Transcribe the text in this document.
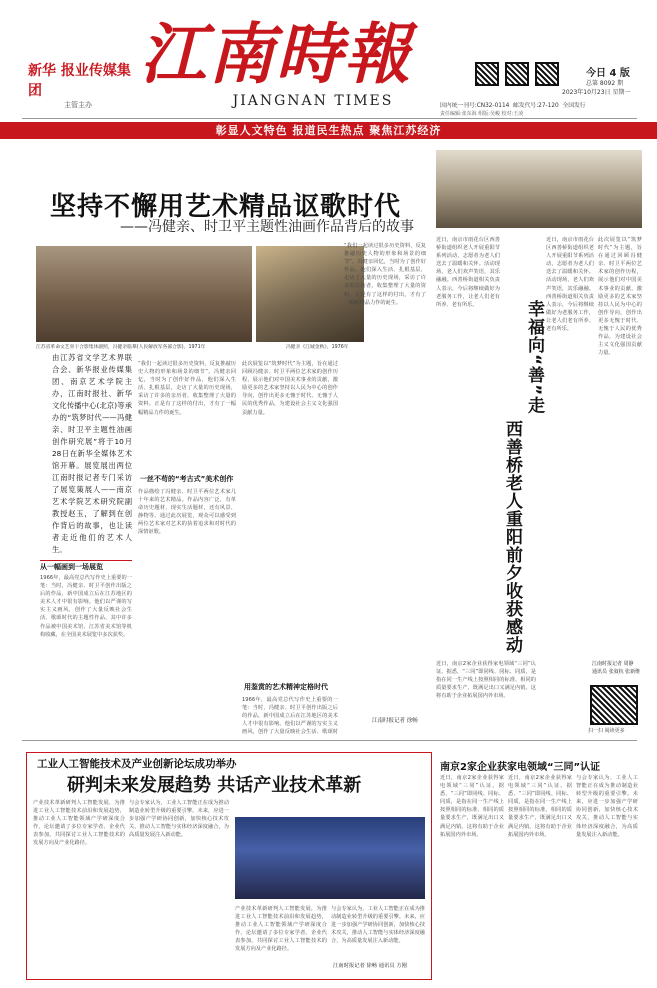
新华 报业传媒集团
主管主办
江南時報
JIANGNAN TIMES
今日 4 版
总第 8092 期
2023年10月23日 星期一
国内统一刊号:CN32-0114 邮发代号:27-120 全国发行
责任编辑:张东海 组版:吴峻 校对:王凌
彰显人文特色 报道民生热点 聚焦江苏经济
坚持不懈用艺术精品讴歌时代
——冯健亲、时卫平主题性油画作品背后的故事
江苏省革命文艺骨干合影集体剧照，冯健亲临摹(人民解放军各部合影)，1971年	冯健亲《江城金秋》，1976年
由江苏省文学艺术界联合会、新华报业传媒集团、南京艺术学院主办，江南时报社、新华文化传播中心(北京)等承办的“筑梦时代——冯健亲、时卫平主题性油画创作研究展”将于10月28日在新华全媒体艺术馆开幕。展览展出两位
江南时报记者专门采访了展览策展人——南京艺术学院艺术研究院副教授赵玉，了解到在创作背后的故事，也让读者走近他们的艺术人生。
从一幅画到一场展览
1966年，最高党总代写作史上重要的一笔：当时，冯健亲、时卫平创作出版之后的作品，新中国成立后在江苏地区的美术人才中很有影响。他们以严谨的写实主义画风，创作了大量反映社会生活、歌颂时代的主题性作品，其中许多作品被中国美术馆、江苏省美术馆等机构收藏，在全国美术展览中多次获奖。
“我们一起读过很多历史资料，反复推敲历史人物的形象和场景的细节”。冯健亲回忆，当时为了创作好作品，他们深入生活、扎根基层，走访了大量的历史现场，采访了许多的亲历者，收集整理了大量的资料。正是有了这样的付出，才有了一幅幅精品力作的诞生。
一丝不苟的“考古式”美术创作
作品描绘了冯健亲、时卫平两位艺术家几十年来的艺术精品。作品内容广泛，有革命历史题材、现实生活题材，还有风景、静物等。通过此次展览，观众可以感受到两位艺术家对艺术的执着追求和对时代的深情讴歌。
此次展览以“筑梦时代”为主题，旨在通过回顾冯健亲、时卫平两位艺术家的创作历程，展示他们对中国美术事业的贡献，激励更多的艺术家坚持以人民为中心的创作导向，创作出更多无愧于时代、无愧于人民的优秀作品，为建设社会主义文化强国贡献力量。
用鉴赏的艺术精神定格时代
1966年，最高党总代写作史上重要的一笔：当时，冯健亲、时卫平创作出版之后的作品，新中国成立后在江苏地区的美术人才中很有影响。他们以严谨的写实主义画风，创作了大量反映社会生活、歌颂时
“我们一起读过很多历史资料，反复推敲历史人物的形象和场景的细节”。冯健亲回忆，当时为了创作好作品，他们深入生活、扎根基层，走访了大量的历史现场，采访了许多的亲历者，收集整理了大量的资料。正是有了这样的付出，才有了一幅幅精品力作的诞生。
江南时报记者 徐畅
近日，南京市雨花台区西善桥街道组织老人开展重阳节系列活动，志愿者为老人们送去了温暖和关怀。活动现场，老人们欢声笑语，其乐融融。西善桥街道相关负责人表示，今后将继续做好为老服务工作，让老人们老有所养、老有所乐。	幸福向“善”走
西善桥老人重阳前夕收获感动
近日，南京市雨花台区西善桥街道组织老人开展重阳节系列活动，志愿者为老人们送去了温暖和关怀。活动现场，老人们欢声笑语，其乐融融。西善桥街道相关负责人表示，今后将继续做好为老服务工作，让老人们老有所养、老有所乐。
此次展览以“筑梦时代”为主题，旨在通过回顾冯健亲、时卫平两位艺术家的创作历程，展示他们对中国美术事业的贡献，激励更多的艺术家坚持以人民为中心的创作导向，创作出更多无愧于时代、无愧于人民的优秀作品，为建设社会主义文化强国贡献力量。
江南时报记者 周静
通讯员 张叙杭 张新维
近日，南京2家企业获得家电领域“三同”认证。据悉，“三同”即同线、同标、同质，是指在同一生产线上按照相同的标准、相同的质量要求生产，既满足出口又满足内销。这将有助于企业拓展国内外市场。
扫一扫 阅读更多
工业人工智能技术及产业创新论坛成功举办
研判未来发展趋势 共话产业技术革新
产业技术革新研判人工智能发展，为推进工业人工智能技术前沿和发展趋势，推动工业人工智能领域产学研深度合作，论坛邀请了多位专家学者、企业代表参加，共同探讨工业人工智能技术的发展方向及产业化路径。
与会专家认为，工业人工智能正在成为推动制造业转型升级的重要引擎。未来，应进一步加强产学研协同创新，加快核心技术攻关，推动人工智能与实体经济深度融合，为高质量发展注入新动能。
产业技术革新研判人工智能发展，为推进工业人工智能技术前沿和发展趋势，推动工业人工智能领域产学研深度合作，论坛邀请了多位专家学者、企业代表参加，共同探讨工业人工智能技术的发展方向及产业化路径。
与会专家认为，工业人工智能正在成为推动制造业转型升级的重要引擎。未来，应进一步加强产学研协同创新，加快核心技术攻关，推动人工智能与实体经济深度融合，为高质量发展注入新动能。
江南时报记者 徐畅 通讯员 方刚
南京2家企业获家电领域“三同”认证
近日，南京2家企业获得家电领域“三同”认证。据悉，“三同”即同线、同标、同质，是指在同一生产线上按照相同的标准、相同的质量要求生产，既满足出口又满足内销。这将有助于企业拓展国内外市场。
近日，南京2家企业获得家电领域“三同”认证。据悉，“三同”即同线、同标、同质，是指在同一生产线上按照相同的标准、相同的质量要求生产，既满足出口又满足内销。这将有助于企业拓展国内外市场。
与会专家认为，工业人工智能正在成为推动制造业转型升级的重要引擎。未来，应进一步加强产学研协同创新，加快核心技术攻关，推动人工智能与实体经济深度融合，为高质量发展注入新动能。
